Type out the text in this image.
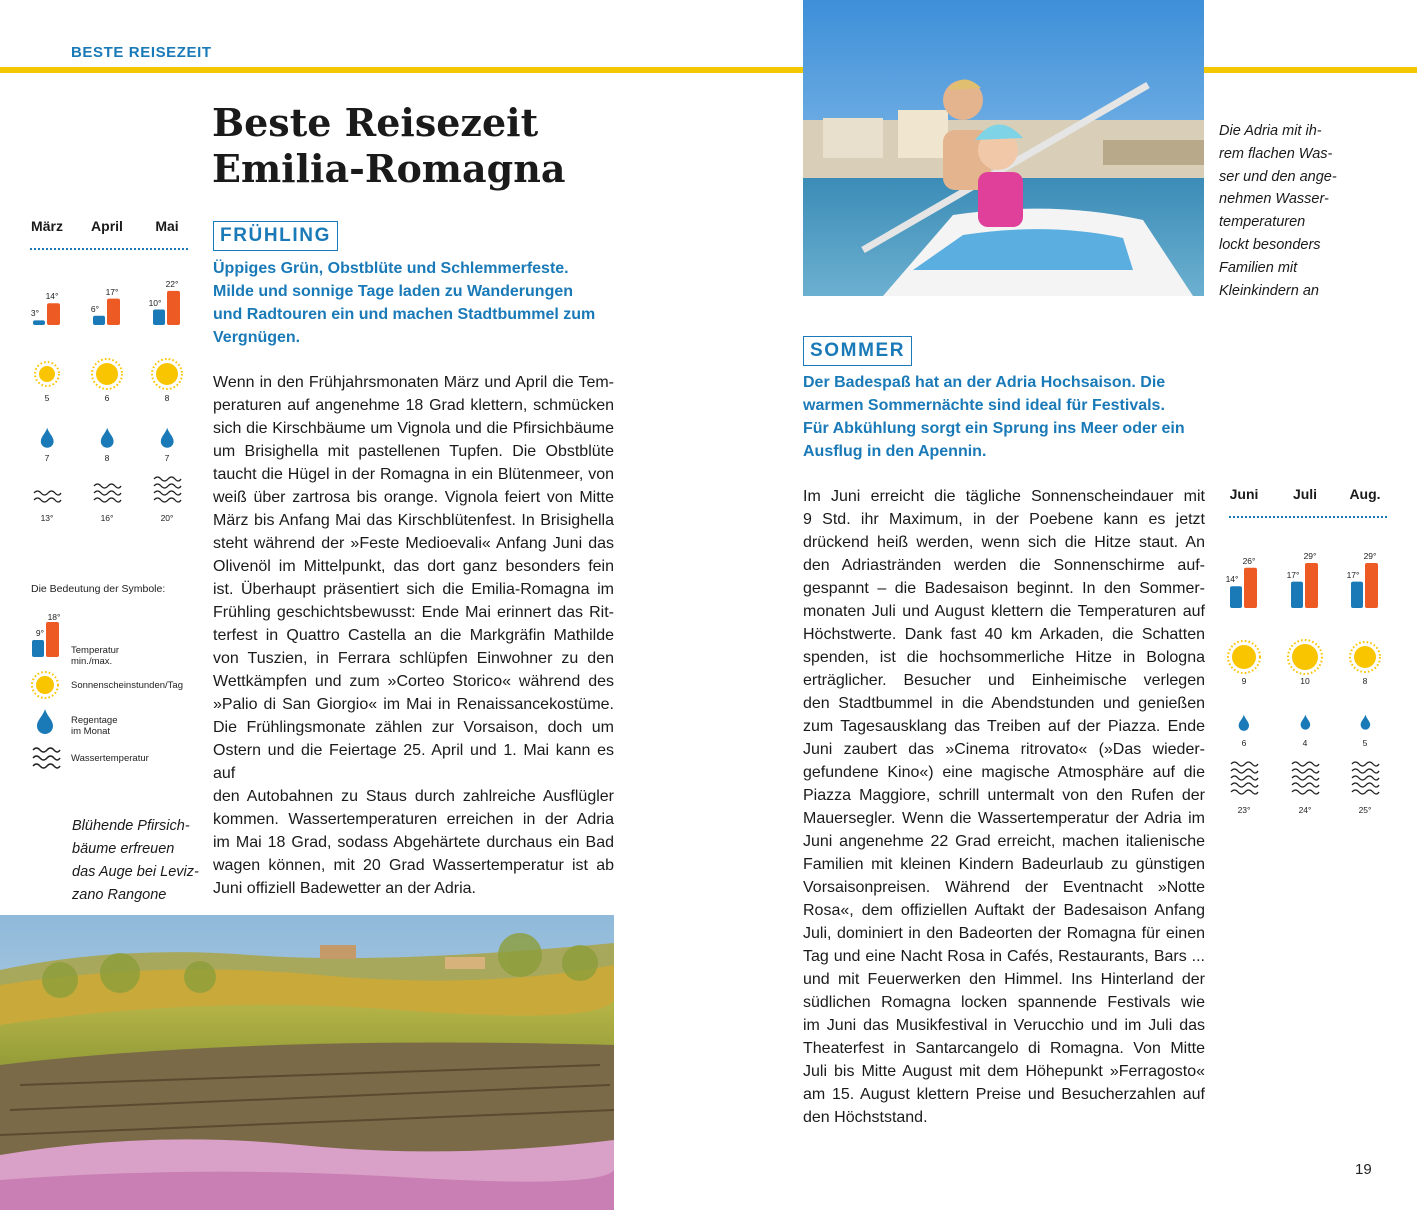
BESTE REISEZEIT
Beste Reisezeit
Emilia-Romagna
FRÜHLING
Üppiges Grün, Obstblüte und Schlemmerfeste.
Milde und sonnige Tage laden zu Wanderungen
und Radtouren ein und machen Stadtbummel zum
Vergnügen.
Wenn in den Frühjahrsmonaten März und April die Tem-
peraturen auf angenehme 18 Grad klettern, schmücken
sich die Kirschbäume um Vignola und die Pfirsichbäume
um Brisighella mit pastellenen Tupfen. Die Obstblüte
taucht die Hügel in der Romagna in ein Blütenmeer, von
weiß über zartrosa bis orange. Vignola feiert von Mitte
März bis Anfang Mai das Kirschblütenfest. In Brisighella
steht während der »Feste Medioevali« Anfang Juni das
Olivenöl im Mittelpunkt, das dort ganz besonders fein
ist. Überhaupt präsentiert sich die Emilia-Romagna im
Frühling geschichtsbewusst: Ende Mai erinnert das Rit-
terfest in Quattro Castella an die Markgräfin Mathilde
von Tuszien, in Ferrara schlüpfen Einwohner zu den
Wettkämpfen und zum »Corteo Storico« während des
»Palio di San Giorgio« im Mai in Renaissancekostüme.
Die Frühlingsmonate zählen zur Vorsaison, doch um
Ostern und die Feiertage 25. April und 1. Mai kann es auf
den Autobahnen zu Staus durch zahlreiche Ausflügler
kommen. Wassertemperaturen erreichen in der Adria
im Mai 18 Grad, sodass Abgehärtete durchaus ein Bad
wagen können, mit 20 Grad Wassertemperatur ist ab
Juni offiziell Badewetter an der Adria.
März
3°
14°
5
7
13°
April
6°
17°
6
8
16°
Mai
10°
22°
8
7
20°
Die Bedeutung der Symbole:
9°
18°
Temperatur min./max.
Sonnenscheinstunden/Tag
Regentage im Monat
Wassertemperatur
Blühende Pfirsich-
bäume erfreuen
das Auge bei Leviz-
zano Rangone
Die Adria mit ih-
rem flachen Was-
ser und den ange-
nehmen Wasser-
temperaturen
lockt besonders
Familien mit
Kleinkindern an
SOMMER
Der Badespaß hat an der Adria Hochsaison. Die
warmen Sommernächte sind ideal für Festivals.
Für Abkühlung sorgt ein Sprung ins Meer oder ein
Ausflug in den Apennin.
Im Juni erreicht die tägliche Sonnenscheindauer mit
9 Std. ihr Maximum, in der Poebene kann es jetzt
drückend heiß werden, wenn sich die Hitze staut. An
den Adriastränden werden die Sonnenschirme auf-
gespannt – die Badesaison beginnt. In den Sommer-
monaten Juli und August klettern die Temperaturen auf
Höchstwerte. Dank fast 40 km Arkaden, die Schatten
spenden, ist die hochsommerliche Hitze in Bologna
erträglicher. Besucher und Einheimische verlegen
den Stadtbummel in die Abendstunden und genießen
zum Tagesausklang das Treiben auf der Piazza. Ende
Juni zaubert das »Cinema ritrovato« (»Das wieder-
gefundene Kino«) eine magische Atmosphäre auf die
Piazza Maggiore, schrill untermalt von den Rufen der
Mauersegler. Wenn die Wassertemperatur der Adria im
Juni angenehme 22 Grad erreicht, machen italienische
Familien mit kleinen Kindern Badeurlaub zu günstigen
Vorsaisonpreisen. Während der Eventnacht »Notte
Rosa«, dem offiziellen Auftakt der Badesaison Anfang
Juli, dominiert in den Badeorten der Romagna für einen
Tag und eine Nacht Rosa in Cafés, Restaurants, Bars ...
und mit Feuerwerken den Himmel. Ins Hinterland der
südlichen Romagna locken spannende Festivals wie
im Juni das Musikfestival in Verucchio und im Juli das
Theaterfest in Santarcangelo di Romagna. Von Mitte
Juli bis Mitte August mit dem Höhepunkt »Ferragosto«
am 15. August klettern Preise und Besucherzahlen auf
den Höchststand.
Juni
14°
26°
9
6
23°
Juli
17°
29°
10
4
24°
Aug.
17°
29°
8
5
25°
19
